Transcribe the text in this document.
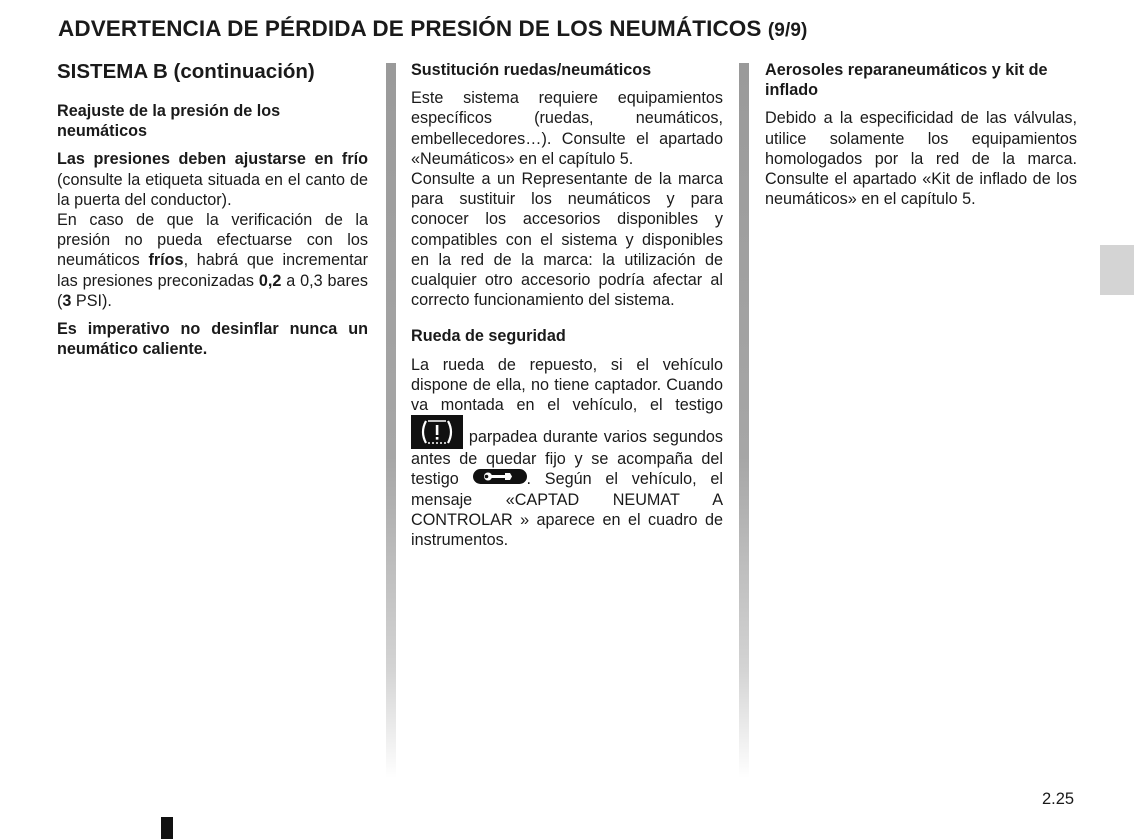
ADVERTENCIA DE PÉRDIDA DE PRESIÓN DE LOS NEUMÁTICOS (9/9)
SISTEMA B (continuación)
Reajuste de la presión de los neumáticos

Las presiones deben ajustarse en frío (consulte la etiqueta situada en el canto de la puerta del conductor).

En caso de que la verificación de la presión no pueda efectuarse con los neumáticos fríos, habrá que incrementar las presiones preconizadas 0,2 a 0,3 bares (3 PSI).

Es imperativo no desinflar nunca un neumático caliente.

Sustitución ruedas/neumáticos

Este sistema requiere equipamientos específicos (ruedas, neumáticos, embellecedores…). Consulte el apartado «Neumáticos» en el capítulo 5.

Consulte a un Representante de la marca para sustituir los neumáticos y para conocer los accesorios disponibles y compatibles con el sistema y disponibles en la red de la marca: la utilización de cualquier otro accesorio podría afectar al correcto funcionamiento del sistema.

Rueda de seguridad

La rueda de repuesto, si el vehículo dispone de ella, no tiene captador. Cuando va montada en el vehículo, el testigo
parpadea durante varios segundos antes de quedar fijo y se acompaña del testigo	. Según el vehículo, el mensaje «CAPTAD NEUMAT A CONTROLAR » aparece en el cuadro de instrumentos.

Aerosoles reparaneumáticos y kit de inflado

Debido a la especificidad de las válvulas, utilice solamente los equipamientos homologados por la red de la marca. Consulte el apartado «Kit de inflado de los neumáticos» en el capítulo 5.

2.25
